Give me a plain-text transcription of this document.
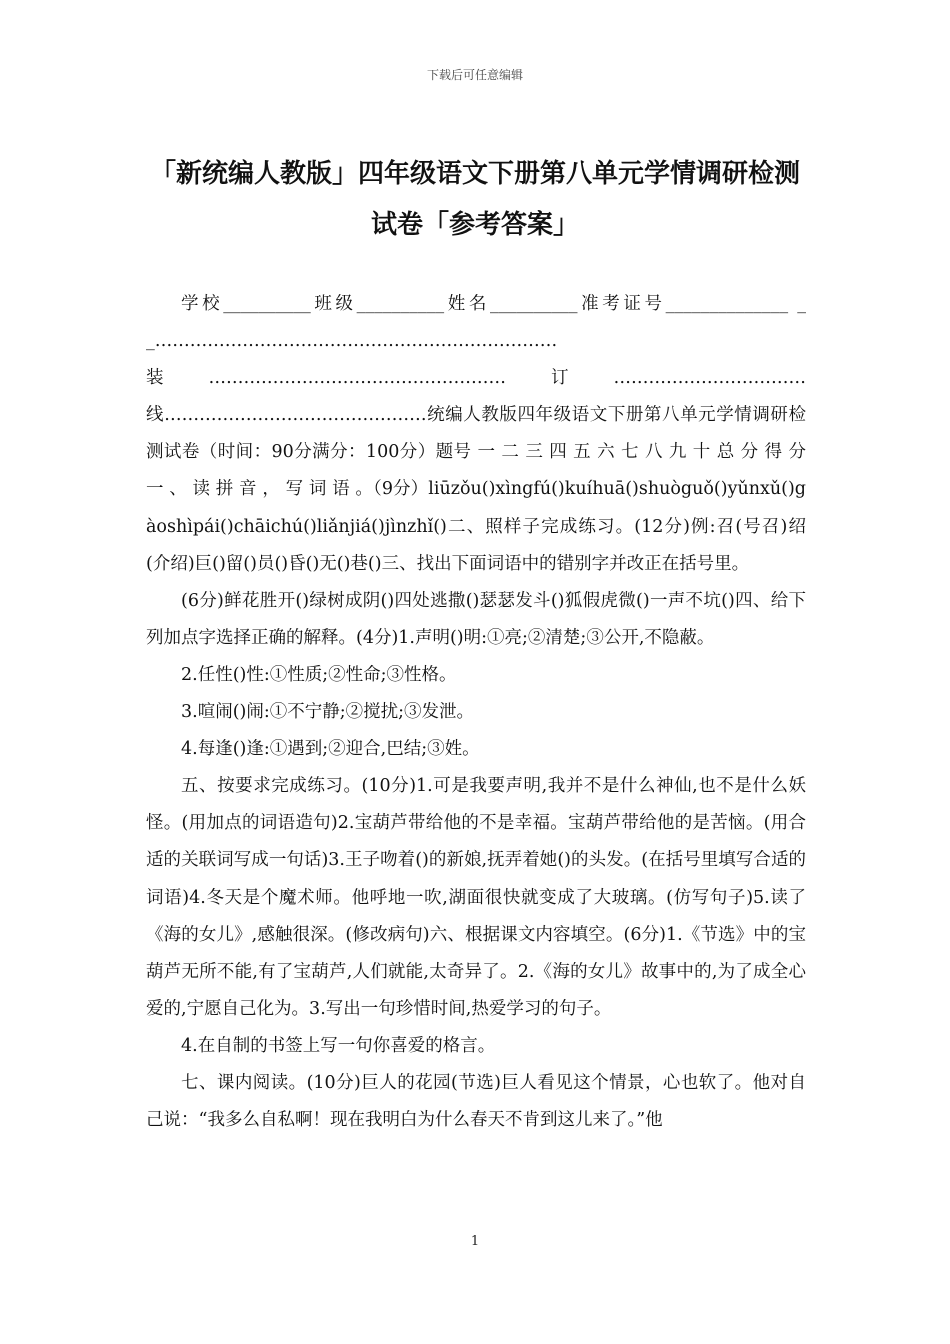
下载后可任意编辑
「新统编人教版」四年级语文下册第八单元学情调研检测
试卷「参考答案」

学校__________班级__________姓名__________准考证号______________ __……………………………………………………………装……………………………………………订……………………………线………………………………………统编人教版四年级语文下册第八单元学情调研检测试卷（时间：90分满分：100分）题号 一 二 三 四 五 六 七 八 九 十 总 分 得 分 一 、 读 拼 音 ， 写 词 语 。（9分）liūzǒu()xìngfú()kuíhuā()shuòguǒ()yǔnxǔ()gàoshìpái()chāichú()liǎnjiá()jìnzhǐ()二、照样子完成练习。(12分)例:召(号召)绍(介绍)巨()留()员()昏()无()巷()三、找出下面词语中的错别字并改正在括号里。

(6分)鲜花胜开()绿树成阴()四处逃撒()瑟瑟发斗()狐假虎微()一声不坑()四、给下列加点字选择正确的解释。(4分)1.声明()明:①亮;②清楚;③公开,不隐蔽。

2.任性()性:①性质;②性命;③性格。

3.喧闹()闹:①不宁静;②搅扰;③发泄。

4.每逢()逢:①遇到;②迎合,巴结;③姓。

五、按要求完成练习。(10分)1.可是我要声明,我并不是什么神仙,也不是什么妖怪。(用加点的词语造句)2.宝葫芦带给他的不是幸福。宝葫芦带给他的是苦恼。(用合适的关联词写成一句话)3.王子吻着()的新娘,抚弄着她()的头发。(在括号里填写合适的词语)4.冬天是个魔术师。他呼地一吹,湖面很快就变成了大玻璃。(仿写句子)5.读了《海的女儿》,感触很深。(修改病句)六、根据课文内容填空。(6分)1.《节选》中的宝葫芦无所不能,有了宝葫芦,人们就能,太奇异了。2.《海的女儿》故事中的,为了成全心爱的,宁愿自己化为。3.写出一句珍惜时间,热爱学习的句子。

4.在自制的书签上写一句你喜爱的格言。

七、课内阅读。(10分)巨人的花园(节选)巨人看见这个情景，心也软了。他对自己说：“我多么自私啊！现在我明白为什么春天不肯到这儿来了。”他

1
